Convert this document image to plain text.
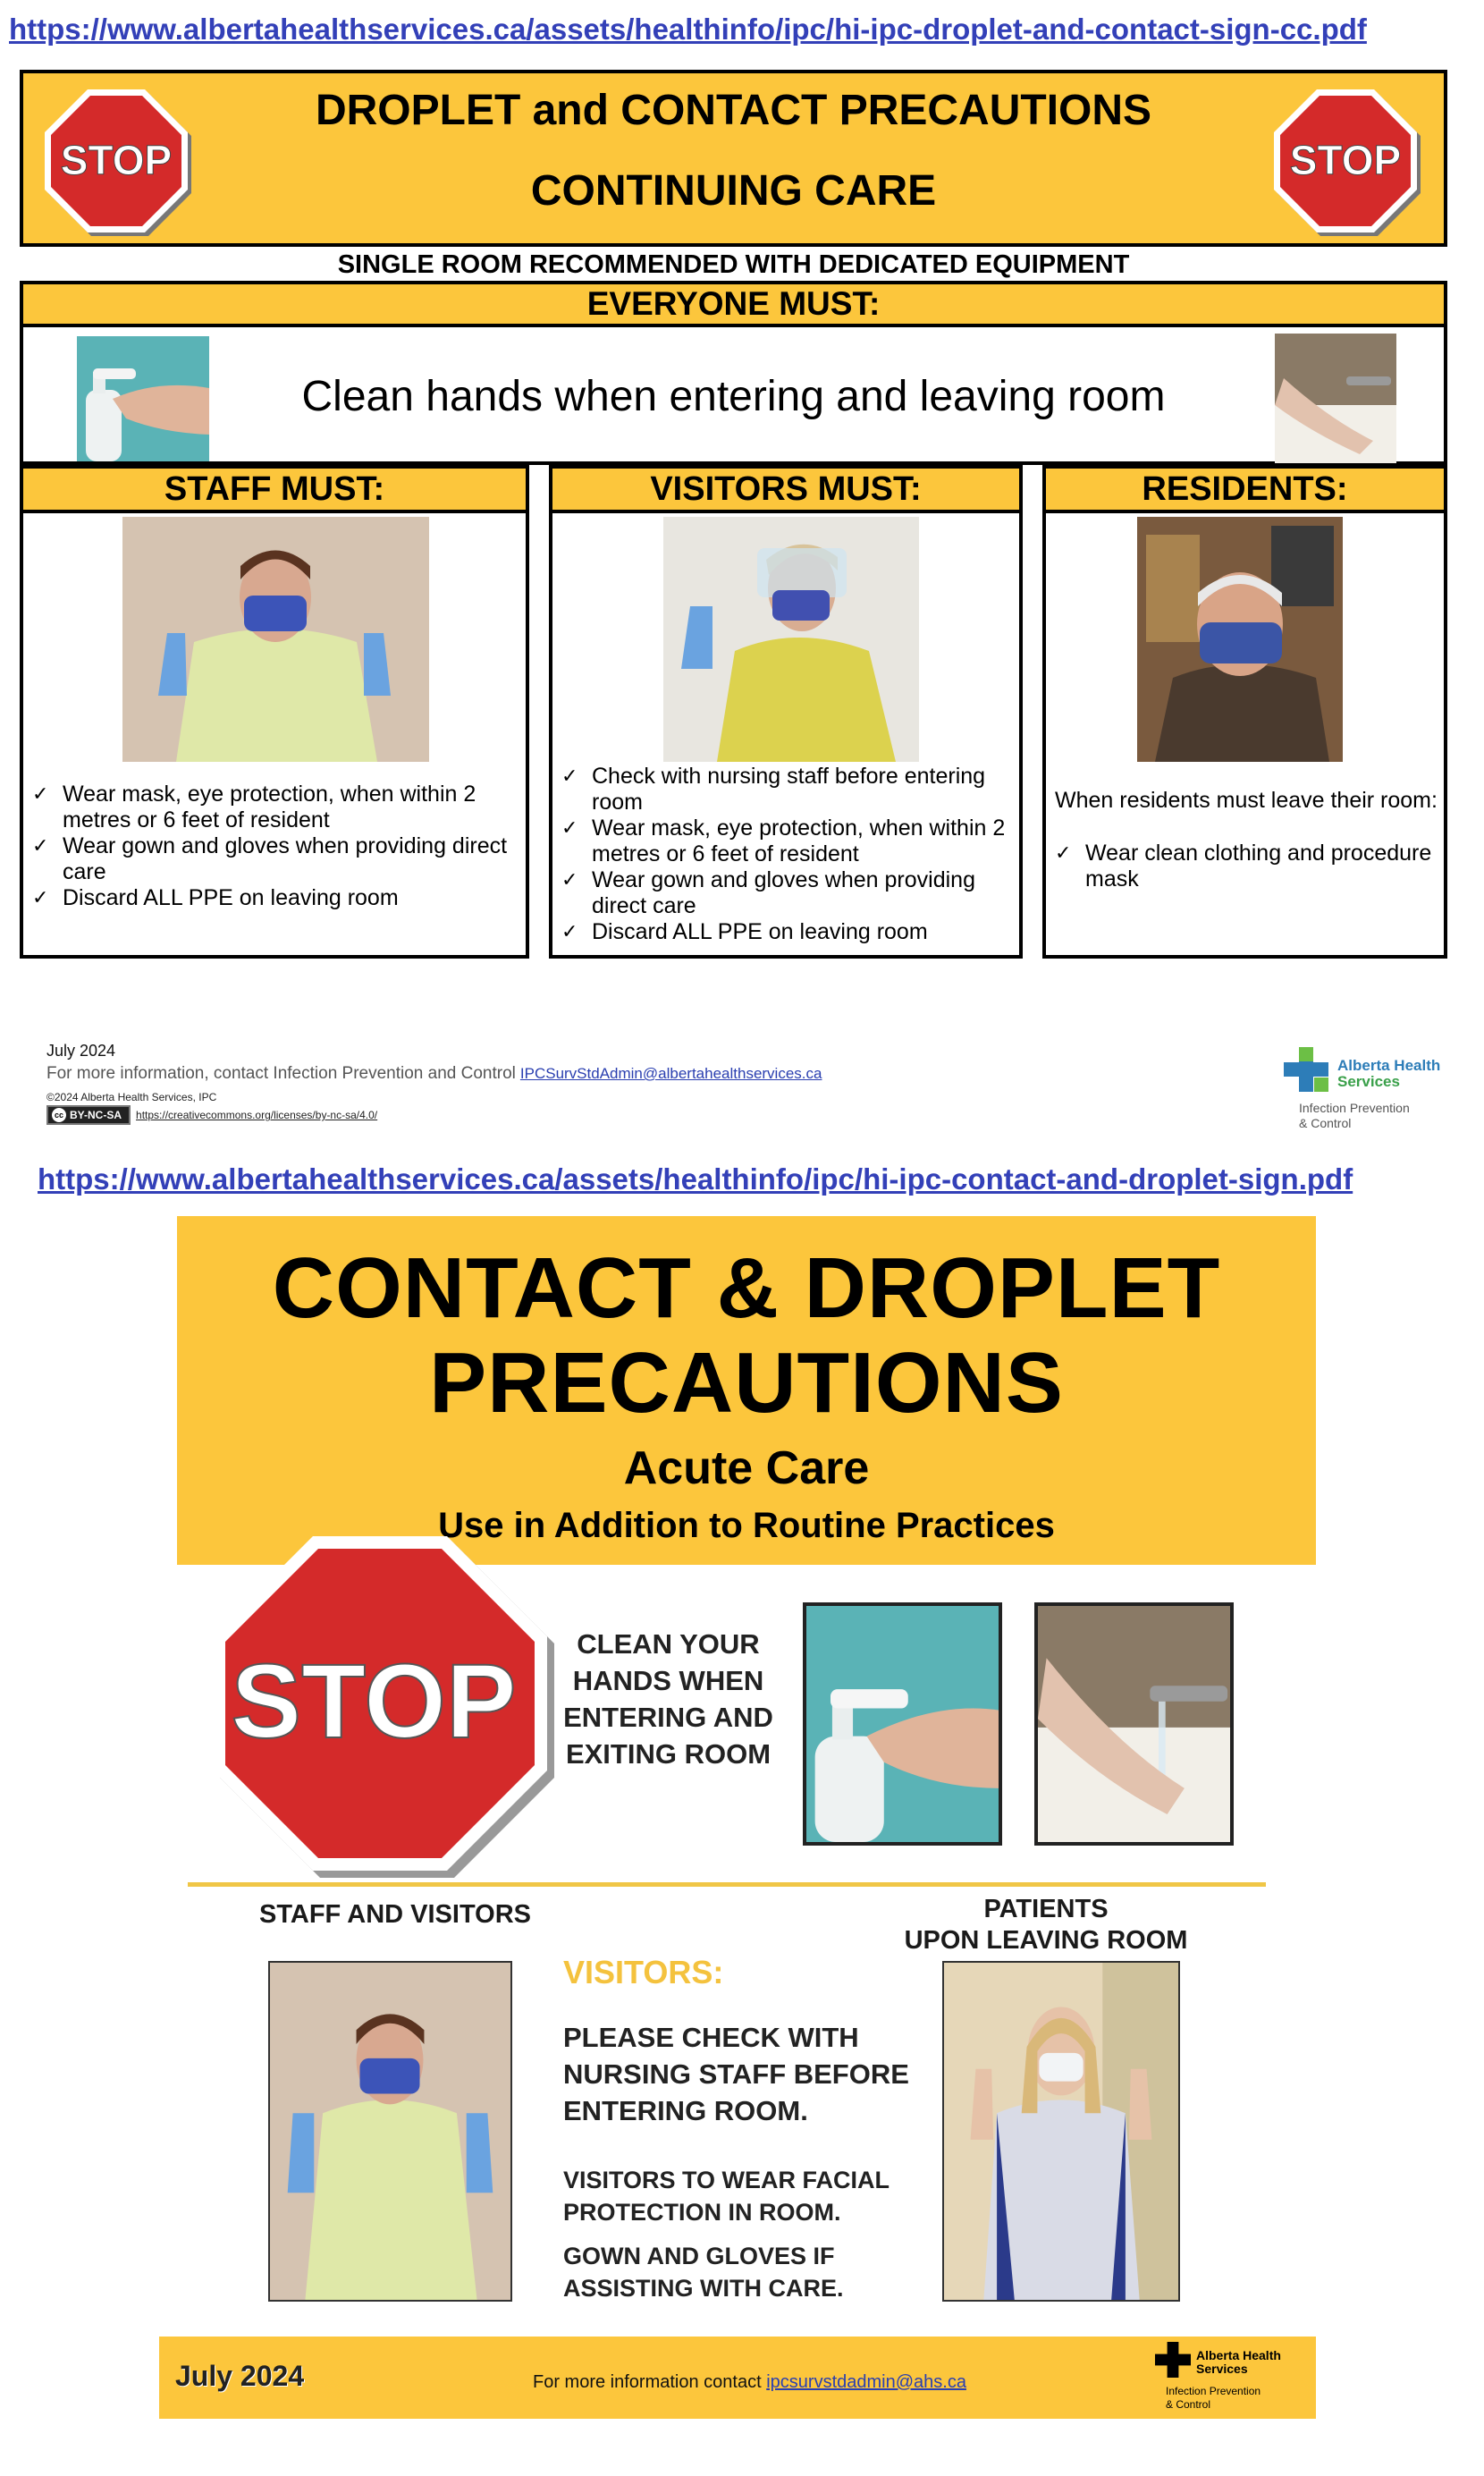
https://www.albertahealthservices.ca/assets/healthinfo/ipc/hi-ipc-droplet-and-contact-sign-cc.pdf
STOP
DROPLET and CONTACT PRECAUTIONS
CONTINUING CARE
STOP
SINGLE ROOM RECOMMENDED WITH DEDICATED EQUIPMENT
EVERYONE MUST:
Clean hands when entering and leaving room
STAFF MUST:
✓ Wear mask, eye protection, when within 2 metres or 6 feet of resident
✓ Wear gown and gloves when providing direct care
✓ Discard ALL PPE on leaving room
VISITORS MUST:
✓ Check with nursing staff before entering room
✓ Wear mask, eye protection, when within 2 metres or 6 feet of resident
✓ Wear gown and gloves when providing direct care
✓ Discard ALL PPE on leaving room
RESIDENTS:
When residents must leave their room:
✓ Wear clean clothing and procedure mask
July 2024
For more information, contact Infection Prevention and Control IPCSurvStdAdmin@albertahealthservices.ca
©2024 Alberta Health Services, IPC
cc BY-NC-SA https://creativecommons.org/licenses/by-nc-sa/4.0/
Alberta Health
Services
Infection Prevention
& Control
https://www.albertahealthservices.ca/assets/healthinfo/ipc/hi-ipc-contact-and-droplet-sign.pdf
CONTACT & DROPLET
PRECAUTIONS
Acute Care
Use in Addition to Routine Practices
STOP	CLEAN YOUR
HANDS WHEN
ENTERING AND
EXITING ROOM
STAFF AND VISITORS
VISITORS:
PLEASE CHECK WITH
NURSING STAFF BEFORE
ENTERING ROOM.
VISITORS TO WEAR FACIAL
PROTECTION IN ROOM.
GOWN AND GLOVES IF
ASSISTING WITH CARE.
PATIENTS
UPON LEAVING ROOM
July 2024	For more information contact ipcsurvstdadmin@ahs.ca
Alberta Health
Services
Infection Prevention
& Control
